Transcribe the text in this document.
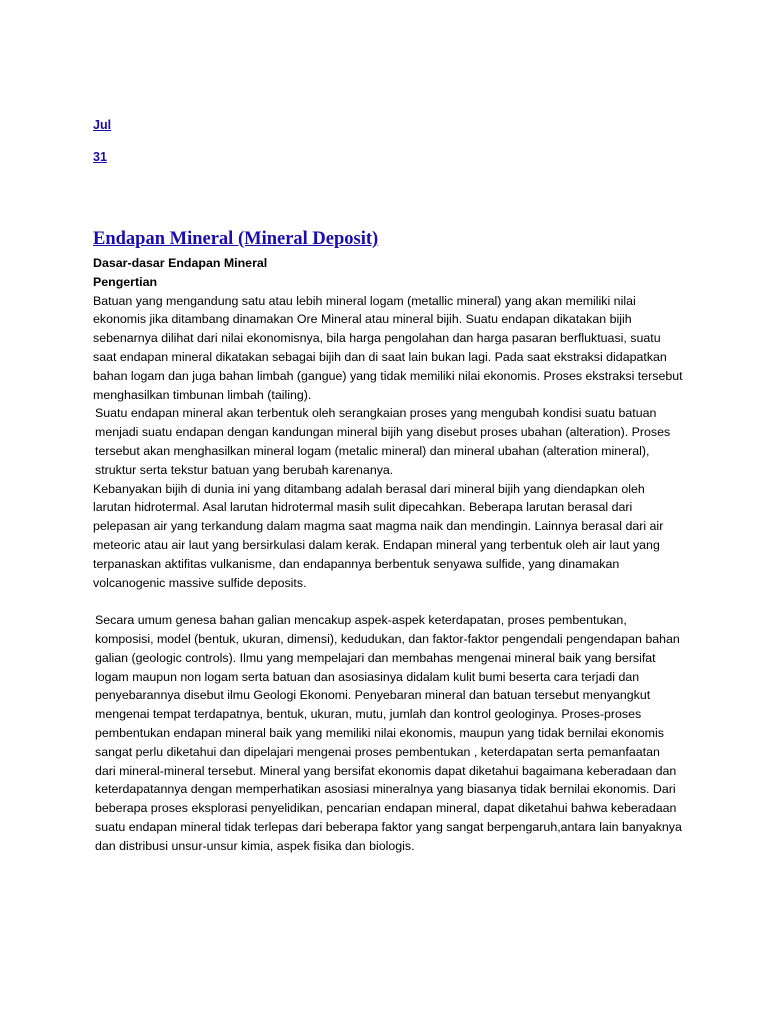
Jul
31
Endapan Mineral (Mineral Deposit)

Dasar-dasar Endapan Mineral

Pengertian

Batuan yang mengandung satu atau lebih mineral logam (metallic mineral) yang akan memiliki nilai ekonomis jika ditambang dinamakan Ore Mineral atau mineral bijih. Suatu endapan dikatakan bijih sebenarnya dilihat dari nilai ekonomisnya, bila harga pengolahan dan harga pasaran berfluktuasi, suatu saat endapan mineral dikatakan sebagai bijih dan di saat lain bukan lagi. Pada saat ekstraksi didapatkan bahan logam dan juga bahan limbah (gangue) yang tidak memiliki nilai ekonomis. Proses ekstraksi tersebut menghasilkan timbunan limbah (tailing).

Suatu endapan mineral akan terbentuk oleh serangkaian proses yang mengubah kondisi suatu batuan menjadi suatu endapan dengan kandungan mineral bijih yang disebut proses ubahan (alteration). Proses tersebut akan menghasilkan mineral logam (metalic mineral) dan mineral ubahan (alteration mineral), struktur serta tekstur batuan yang berubah karenanya.

Kebanyakan bijih di dunia ini yang ditambang adalah berasal dari mineral bijih yang diendapkan oleh larutan hidrotermal. Asal larutan hidrotermal masih sulit dipecahkan. Beberapa larutan berasal dari pelepasan air yang terkandung dalam magma saat magma naik dan mendingin. Lainnya berasal dari air meteoric atau air laut yang bersirkulasi dalam kerak. Endapan mineral yang terbentuk oleh air laut yang terpanaskan aktifitas vulkanisme, dan endapannya berbentuk senyawa sulfide, yang dinamakan volcanogenic massive sulfide deposits.

Secara umum genesa bahan galian mencakup aspek-aspek keterdapatan, proses pembentukan, komposisi, model (bentuk, ukuran, dimensi), kedudukan, dan faktor-faktor pengendali pengendapan bahan galian (geologic controls). Ilmu yang mempelajari dan membahas mengenai mineral baik yang bersifat logam maupun non logam serta batuan dan asosiasinya didalam kulit bumi beserta cara terjadi dan penyebarannya disebut ilmu Geologi Ekonomi. Penyebaran mineral dan batuan tersebut menyangkut mengenai tempat terdapatnya, bentuk, ukuran, mutu, jumlah dan kontrol geologinya. Proses-proses pembentukan endapan mineral baik yang memiliki nilai ekonomis, maupun yang tidak bernilai ekonomis sangat perlu diketahui dan dipelajari mengenai proses pembentukan , keterdapatan serta pemanfaatan dari mineral-mineral tersebut. Mineral yang bersifat ekonomis dapat diketahui bagaimana keberadaan dan keterdapatannya dengan memperhatikan asosiasi mineralnya yang biasanya tidak bernilai ekonomis. Dari beberapa proses eksplorasi penyelidikan, pencarian endapan mineral, dapat diketahui bahwa keberadaan suatu endapan mineral tidak terlepas dari beberapa faktor yang sangat berpengaruh,antara lain banyaknya dan distribusi unsur-unsur kimia, aspek fisika dan biologis.
